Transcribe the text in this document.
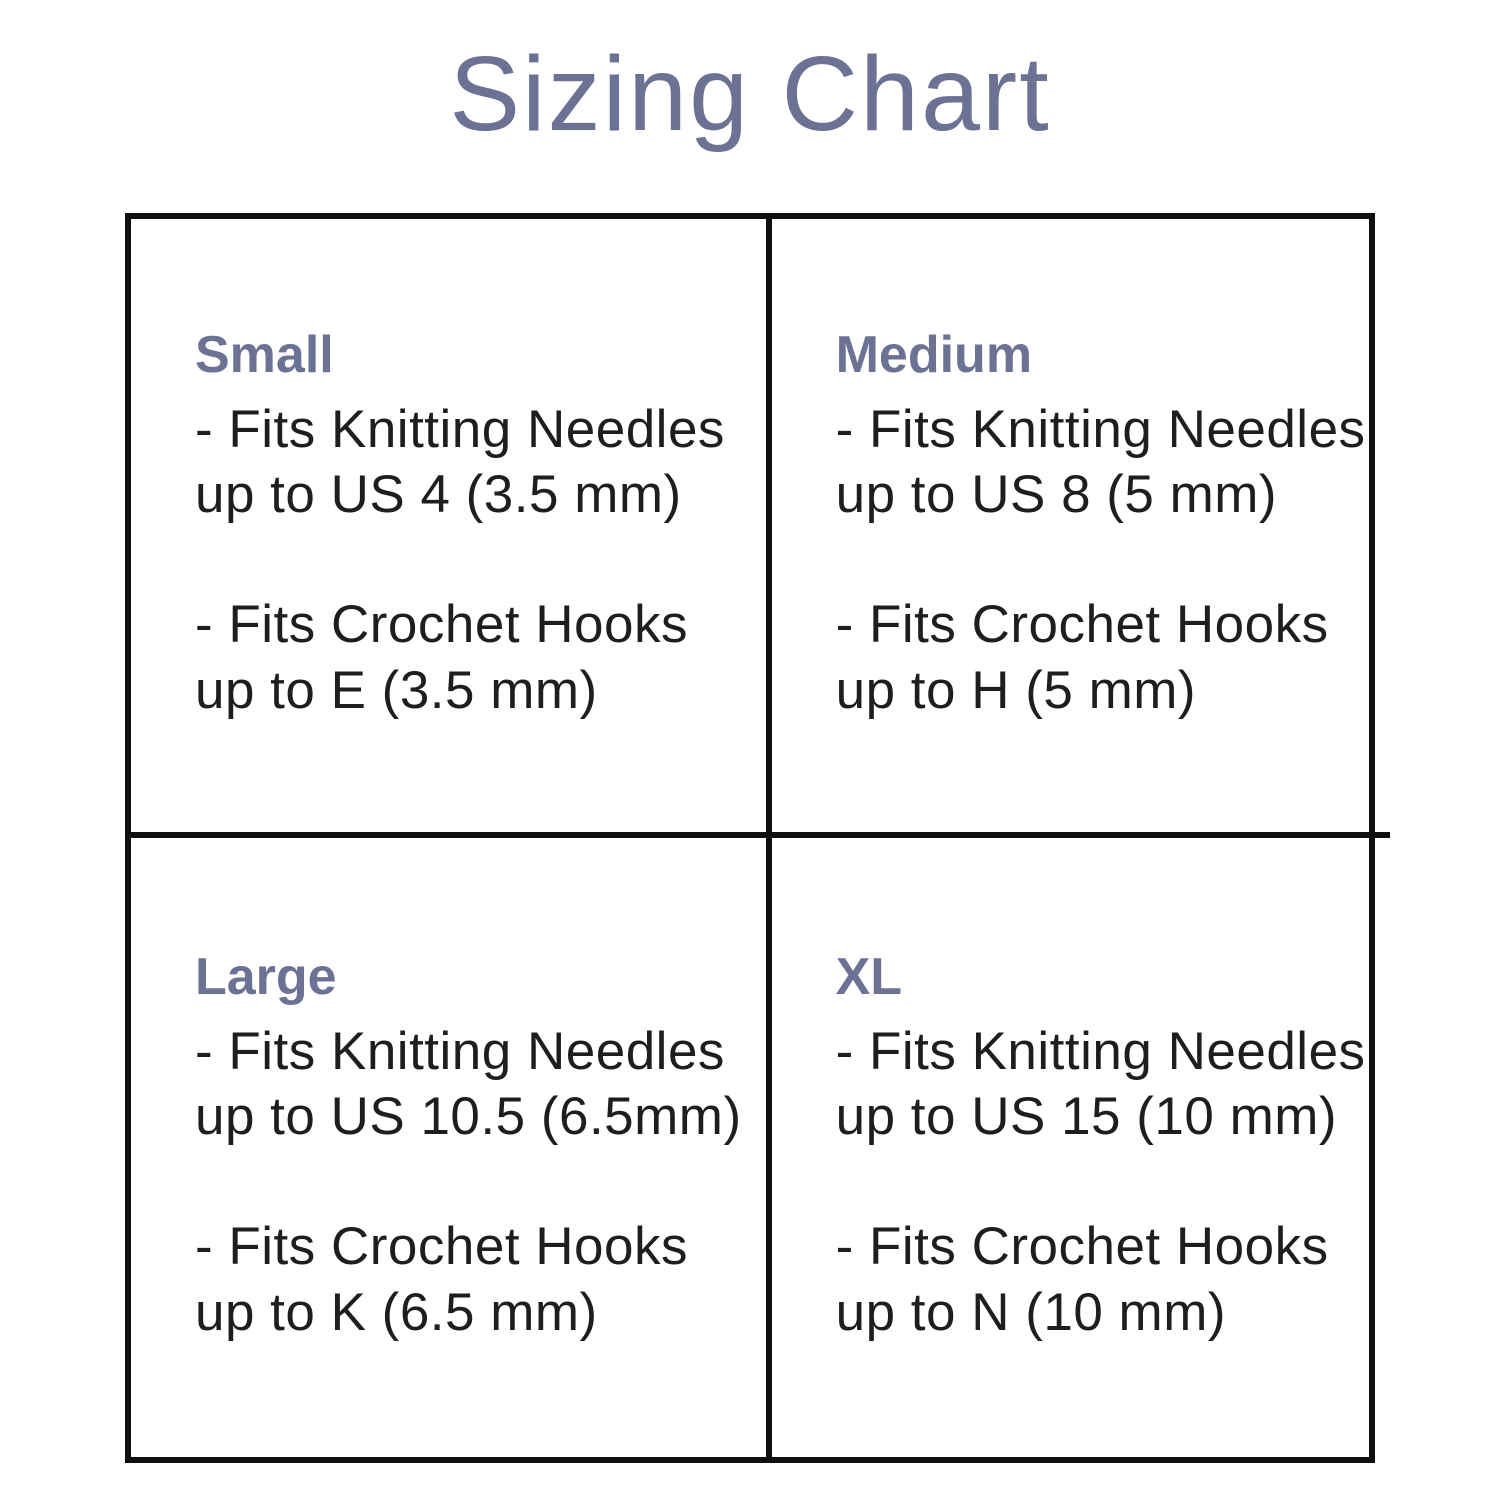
Sizing Chart
Small

- Fits Knitting Needles

up to US 4 (3.5 mm)

- Fits Crochet Hooks

up to E (3.5 mm)

Medium

- Fits Knitting Needles

up to US 8 (5 mm)

- Fits Crochet Hooks

up to H (5 mm)

Large

- Fits Knitting Needles

up to US 10.5 (6.5mm)

- Fits Crochet Hooks

up to K (6.5 mm)

XL

- Fits Knitting Needles

up to US 15 (10 mm)

- Fits Crochet Hooks

up to N (10 mm)
